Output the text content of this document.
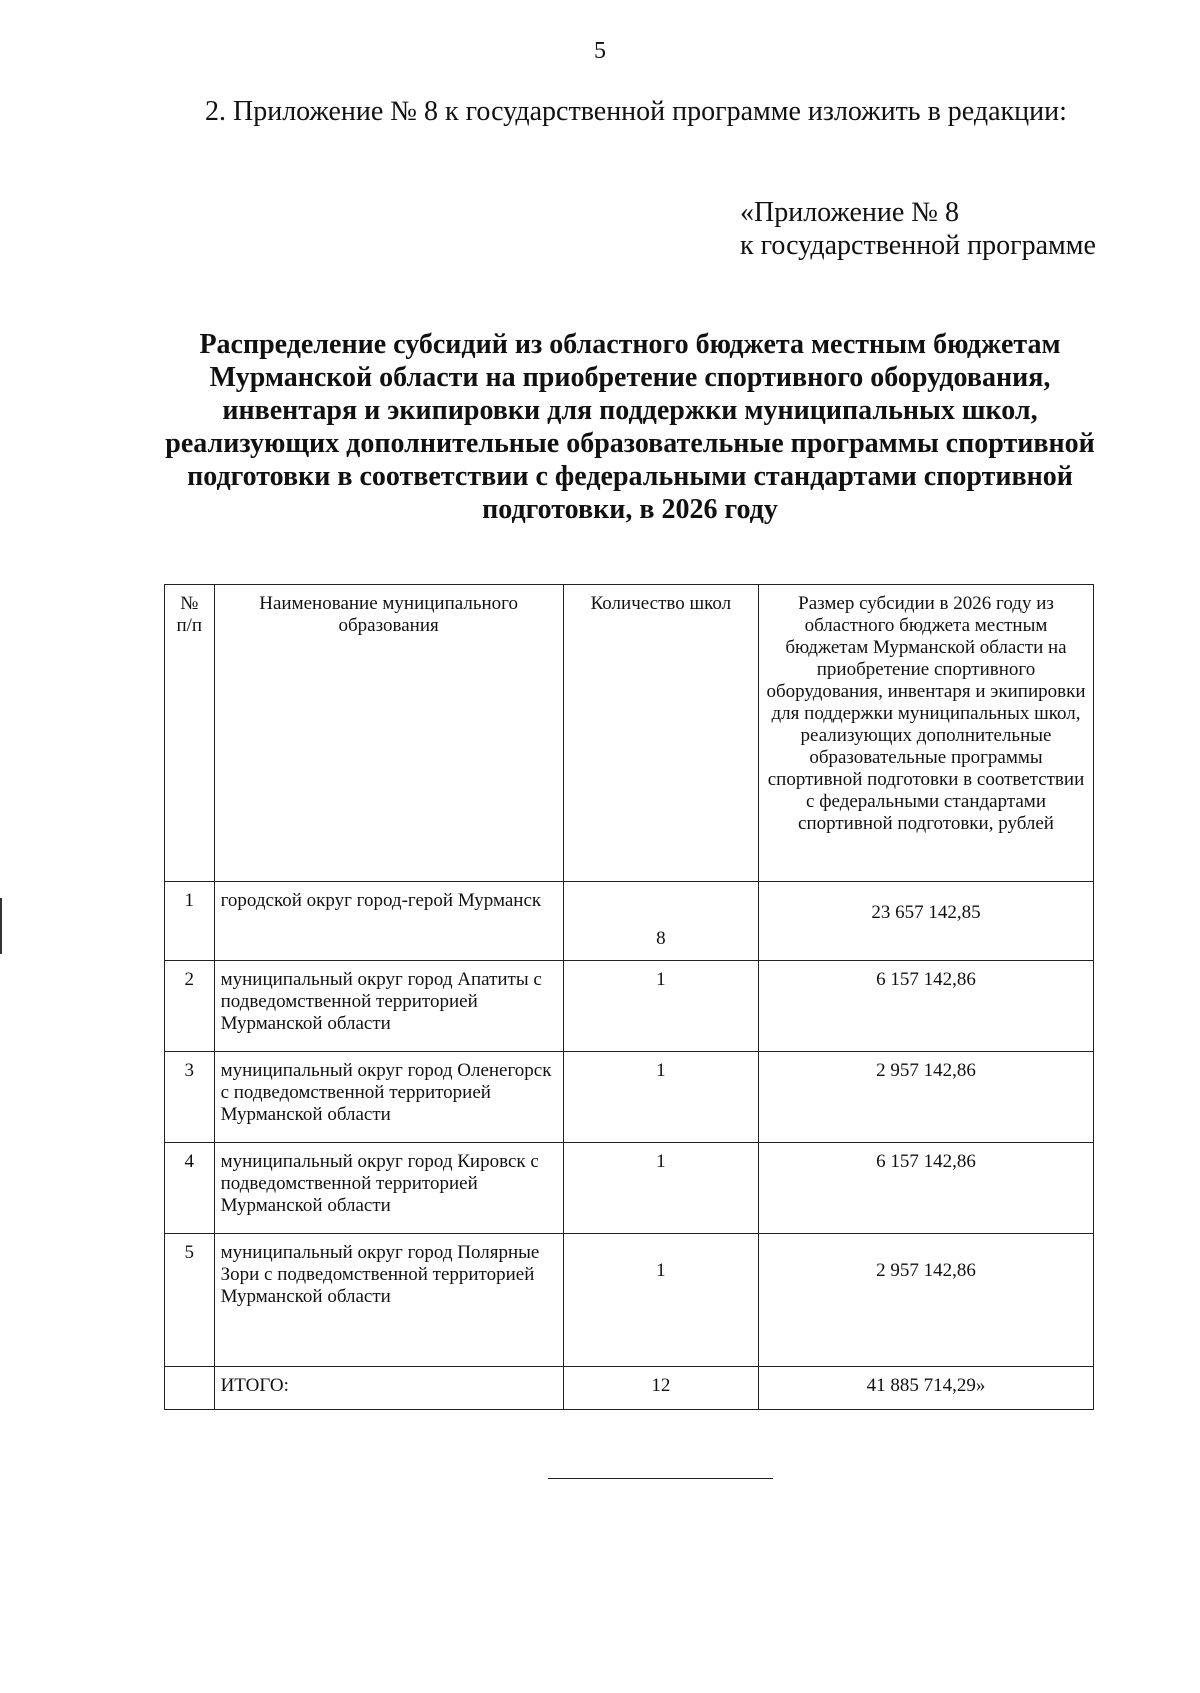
5
2. Приложение № 8 к государственной программе изложить в редакции:
«Приложение № 8
к государственной программе
Распределение субсидий из областного бюджета местным бюджетам
Мурманской области на приобретение спортивного оборудования,
инвентаря и экипировки для поддержки муниципальных школ,
реализующих дополнительные образовательные программы спортивной
подготовки в соответствии с федеральными стандартами спортивной
подготовки, в 2026 году
№ п/п	Наименование муниципального образования	Количество школ	Размер субсидии в 2026 году из областного бюджета местным бюджетам Мурманской области на приобретение спортивного оборудования, инвентаря и экипировки для поддержки муниципальных школ, реализующих дополнительные образовательные программы спортивной подготовки в соответствии с федеральными стандартами спортивной подготовки, рублей
1	городской округ город-герой Мурманск	8	23 657 142,85
2	муниципальный округ город Апатиты с подведомственной территорией Мурманской области	1	6 157 142,86
3	муниципальный округ город Оленегорск с подведомственной территорией Мурманской области	1	2 957 142,86
4	муниципальный округ город Кировск с подведомственной территорией Мурманской области	1	6 157 142,86
5	муниципальный округ город Полярные Зори с подведомственной территорией Мурманской области	1	2 957 142,86
	ИТОГО:	12	41 885 714,29»
